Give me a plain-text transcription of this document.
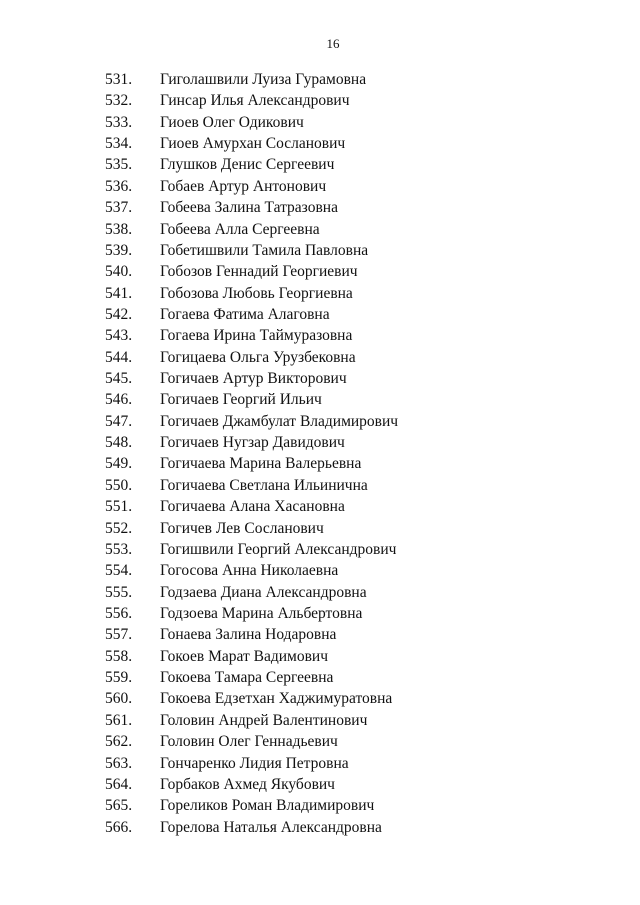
16
531. Гиголашвили Луиза Гурамовна
532. Гинсар Илья Александрович
533. Гиоев Олег Одикович
534. Гиоев Амурхан Сосланович
535. Глушков Денис Сергеевич
536. Гобаев Артур Антонович
537. Гобеева Залина Татразовна
538. Гобеева Алла Сергеевна
539. Гобетишвили Тамила Павловна
540. Гобозов Геннадий Георгиевич
541. Гобозова Любовь Георгиевна
542. Гогаева Фатима Алаговна
543. Гогаева Ирина Таймуразовна
544. Гогицаева Ольга Урузбековна
545. Гогичаев Артур Викторович
546. Гогичаев Георгий Ильич
547. Гогичаев Джамбулат Владимирович
548. Гогичаев Нугзар Давидович
549. Гогичаева Марина Валерьевна
550. Гогичаева Светлана Ильинична
551. Гогичаева Алана Хасановна
552. Гогичев Лев Сосланович
553. Гогишвили Георгий Александрович
554. Гогосова Анна Николаевна
555. Годзаева Диана Александровна
556. Годзоева Марина Альбертовна
557. Гонаева Залина Нодаровна
558. Гокоев Марат Вадимович
559. Гокоева Тамара Сергеевна
560. Гокоева Едзетхан Хаджимуратовна
561. Головин Андрей Валентинович
562. Головин Олег Геннадьевич
563. Гончаренко Лидия Петровна
564. Горбаков Ахмед Якубович
565. Гореликов Роман Владимирович
566. Горелова Наталья Александровна
